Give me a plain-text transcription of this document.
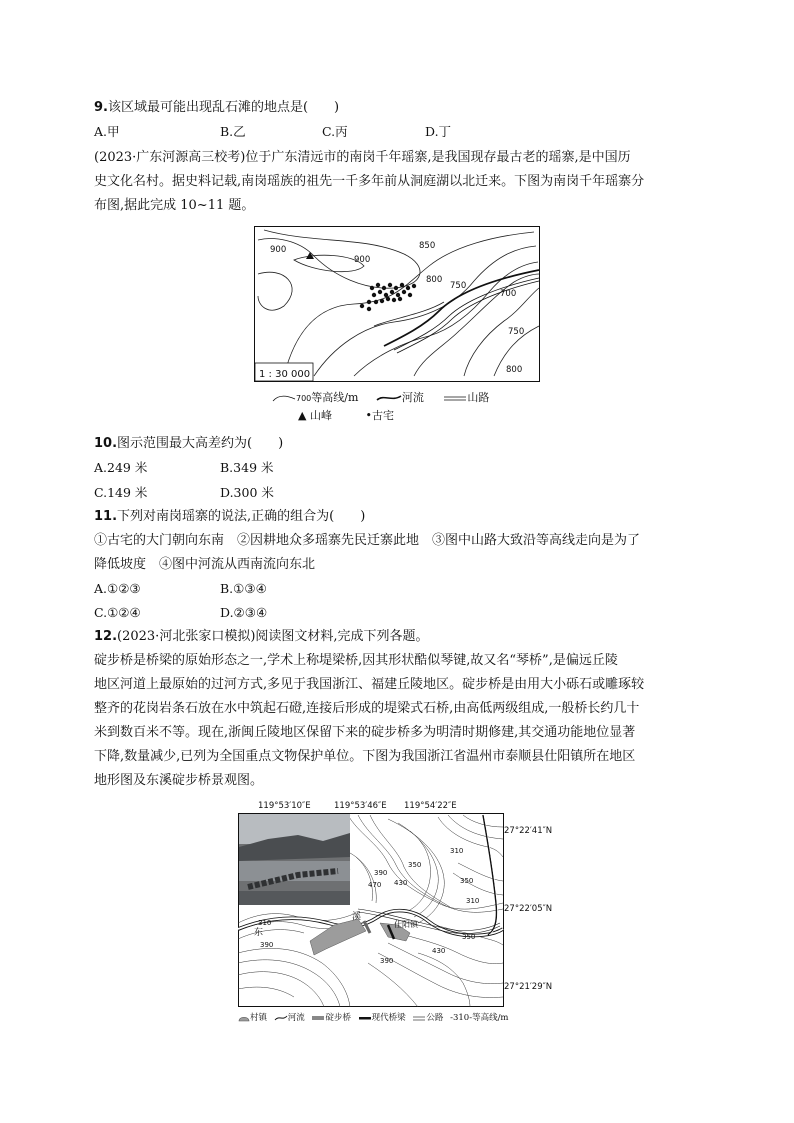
9.该区域最可能出现乱石滩的地点是(　　)
A.甲	B.乙	C.丙	D.丁
(2023·广东河源高三校考)位于广东清远市的南岗千年瑶寨,是我国现存最古老的瑶寨,是中国历
史文化名村。据史料记载,南岗瑶族的祖先一千多年前从洞庭湖以北迁来。下图为南岗千年瑶寨分
布图,据此完成 10~11 题。
900	850
900
800
750
700
750
800
1 : 30 000
700等高线/m	河流	山路
▲ 山峰	•古宅
10.图示范围最大高差约为(　　)
A.249 米	B.349 米
C.149 米	D.300 米
11.下列对南岗瑶寨的说法,正确的组合为(　　)
①古宅的大门朝向东南　②因耕地众多瑶寨先民迁寨此地　③图中山路大致沿等高线走向是为了
降低坡度　④图中河流从西南流向东北
A.①②③	B.①③④
C.①②④	D.②③④
12.(2023·河北张家口模拟)阅读图文材料,完成下列各题。
碇步桥是桥梁的原始形态之一,学术上称堤梁桥,因其形状酷似琴键,故又名“琴桥”,是偏远丘陵
地区河道上最原始的过河方式,多见于我国浙江、福建丘陵地区。碇步桥是由用大小砾石或雕琢较
整齐的花岗岩条石放在水中筑起石磴,连接后形成的堤梁式石桥,由高低两级组成,一般桥长约几十
米到数百米不等。现在,浙闽丘陵地区保留下来的碇步桥多为明清时期修建,其交通功能地位显著
下降,数量减少,已列为全国重点文物保护单位。下图为我国浙江省温州市泰顺县仕阳镇所在地区
地形图及东溪碇步桥景观图。
119°53′10″E	119°53′46″E 119°54′22″E
390
350
470 430
310
350
310
310
390
430
390
350
仕阳镇
东
溪
27°22′41″N
27°22′05″N
27°21′29″N
村镇 河流 碇步桥 现代桥梁 公路 -310-等高线/m
